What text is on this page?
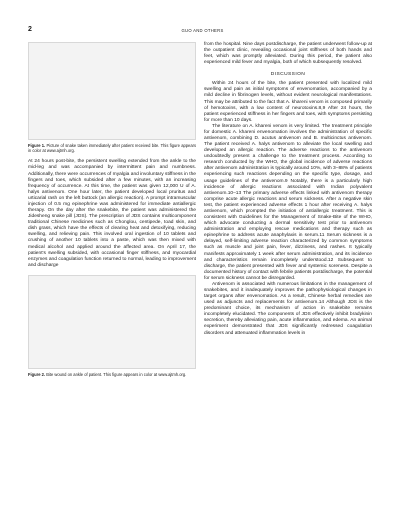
2	GUO AND OTHERS

Figure 1. Picture of snake taken immediately after patient received bite. This figure appears in color at www.ajtmh.org.

At 24 hours post-bite, the persistent swelling extended from the ankle to the mid-leg and was accompanied by intermittent pain and numbness. Additionally, there were occurrences of myalgia and involuntary stiffness in the fingers and toes, which subsided after a few minutes, with an increasing frequency of occurrence. At this time, the patient was given 12,000 U of A. halys antivenom. One hour later, the patient developed local pruritus and urticarial rash on the left buttock (an allergic reaction). A prompt intramuscular injection of 0.5 mg epinephrine was administered for immediate antiallergic therapy. On the day after the snakebite, the patient was administered the Jidesheng snake pill (JDS). The prescription of JDS contains multicomponent traditional Chinese medicines such as Chonglou, centipede, toad skin, and dish grass, which have the effects of clearing heat and detoxifying, reducing swelling, and relieving pain. This involved oral ingestion of 10 tablets and crushing of another 10 tablets into a paste, which was then mixed with medical alcohol and applied around the affected area. On April 17, the patient's swelling subsided, with occasional finger stiffness, and myocardial enzymes and coagulation function returned to normal, leading to improvement and discharge

Figure 2. Bite wound on ankle of patient. This figure appears in color at www.ajtmh.org.

from the hospital. Nine days postdischarge, the patient underwent follow-up at the outpatient clinic, revealing occasional joint stiffness of both hands and feet, which was promptly alleviated. During this period, the patient also experienced mild fever and myalgia, both of which subsequently resolved.

DISCUSSION

Within 24 hours of the bite, the patient presented with localized mild swelling and pain as initial symptoms of envenomation, accompanied by a mild decline in fibrinogen levels, without evident neurological manifestations. This may be attributed to the fact that A. khareni venom is composed primarily of hemotoxins, with a low content of neurotoxins.8,9 After 24 hours, the patient experienced stiffness in her fingers and toes, with symptoms persisting for more than 10 days.

The literature on A. khareni venom is very limited. The treatment principle for domestic A. khareni envenomation involves the administration of specific antivenom, combining D. acutus antivenom and B. multicinctus antivenom. The patient received A. halys antivenom to alleviate the local swelling and developed an allergic reaction. The adverse reactions to the antivenom undoubtedly present a challenge to the treatment process. According to research conducted by the WHO, the global incidence of adverse reactions after antivenom administration is typically around 10%, with 3–88% of patients experiencing such reactions depending on the specific type, dosage, and usage guidelines of the antivenom.9 Notably, there is a particularly high incidence of allergic reactions associated with Indian polyvalent antivenom.10–13 The primary adverse effects linked with antivenom therapy comprise acute allergic reactions and serum sickness. After a negative skin test, the patient experienced adverse effects 1 hour after receiving A. halys antivenom, which prompted the initiation of antiallergic treatment. This is consistent with Guidelines for the Management of Snake-Bite of the WHO, which advocate conducting a dermal sensitivity test prior to antivenom administration and employing rescue medications and therapy such as epinephrine to address acute anaphylaxis in serum.11 Serum sickness is a delayed, self-limiting adverse reaction characterized by common symptoms such as muscle and joint pain, fever, dizziness, and rashes. It typically manifests approximately 1 week after serum administration, and its incidence and characteristics remain incompletely understood.12 Subsequent to discharge, the patient presented with fever and systemic soreness. Despite a documented history of contact with febrile patients postdischarge, the potential for serum sickness cannot be disregarded.

Antivenom is associated with numerous limitations in the management of snakebites, and it inadequately improves the pathophysiological changes in target organs after envenomation. As a result, Chinese herbal remedies are used as adjuncts and replacements for antivenom.14 Although JDS is the predominant choice, its mechanism of action in snakebite remains incompletely elucidated. The components of JDS effectively inhibit bradykinin secretion, thereby alleviating pain, acute inflammation, and edema. An animal experiment demonstrated that JDS significantly redressed coagulation disorders and attenuated inflammation levels in
